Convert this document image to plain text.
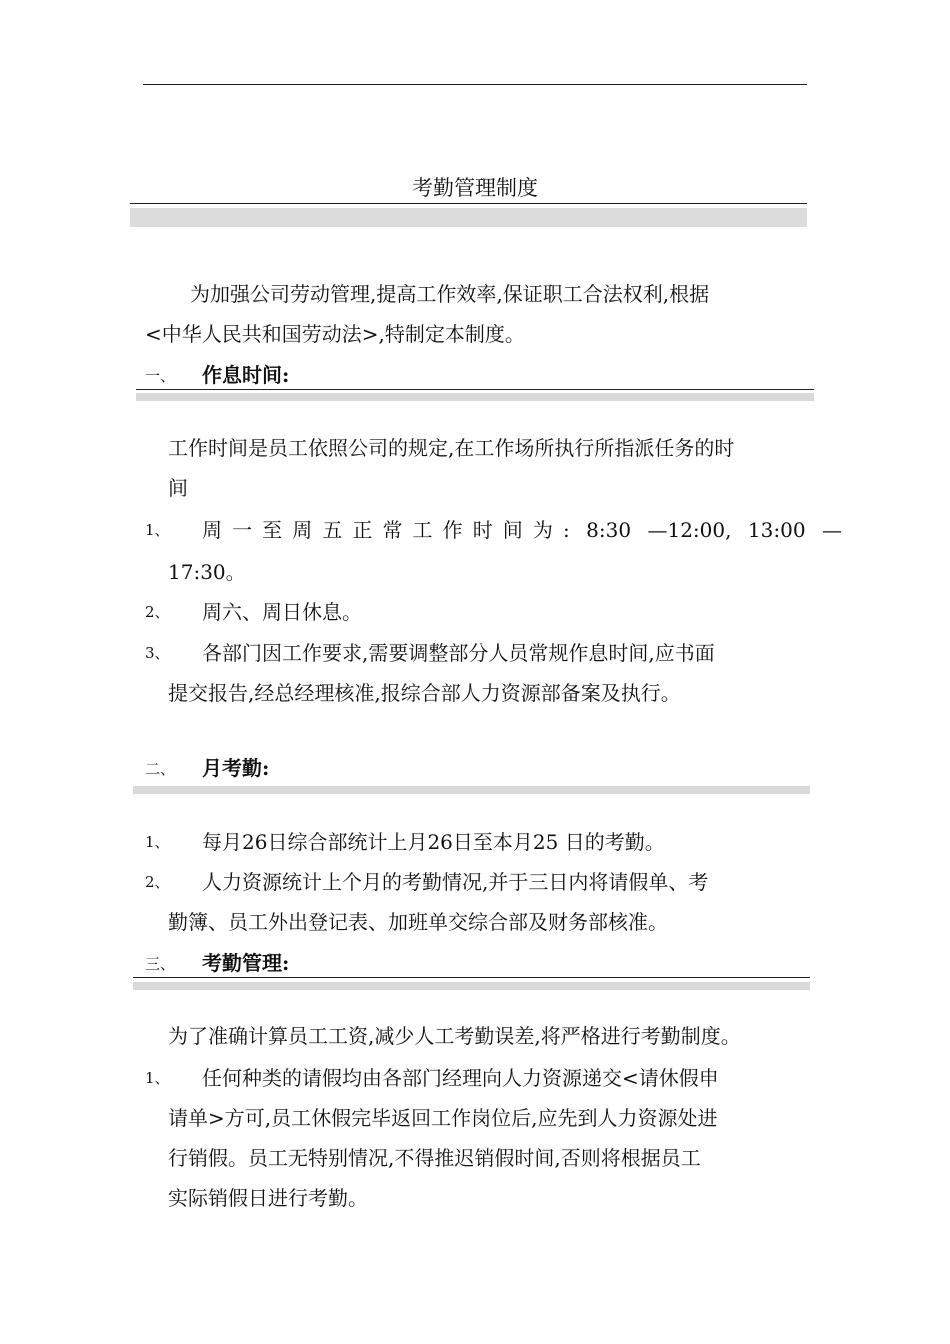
考勤管理制度
为加强公司劳动管理,提高工作效率,保证职工合法权利,根据
<中华人民共和国劳动法>,特制定本制度。
一、 作息时间:
工作时间是员工依照公司的规定,在工作场所执行所指派任务的时
间
1、 周一至周五正常工作时间为: 8:30 —12:00, 13:00 —
17:30。
2、 周六、周日休息。
3、 各部门因工作要求,需要调整部分人员常规作息时间,应书面
提交报告,经总经理核准,报综合部人力资源部备案及执行。
二、 月考勤:
1、 每月26日综合部统计上月26日至本月25 日的考勤。
2、 人力资源统计上个月的考勤情况,并于三日内将请假单、考
勤簿、员工外出登记表、加班单交综合部及财务部核准。
三、 考勤管理:
为了准确计算员工工资,减少人工考勤误差,将严格进行考勤制度。
1、 任何种类的请假均由各部门经理向人力资源递交<请休假申
请单>方可,员工休假完毕返回工作岗位后,应先到人力资源处进
行销假。员工无特别情况,不得推迟销假时间,否则将根据员工
实际销假日进行考勤。
